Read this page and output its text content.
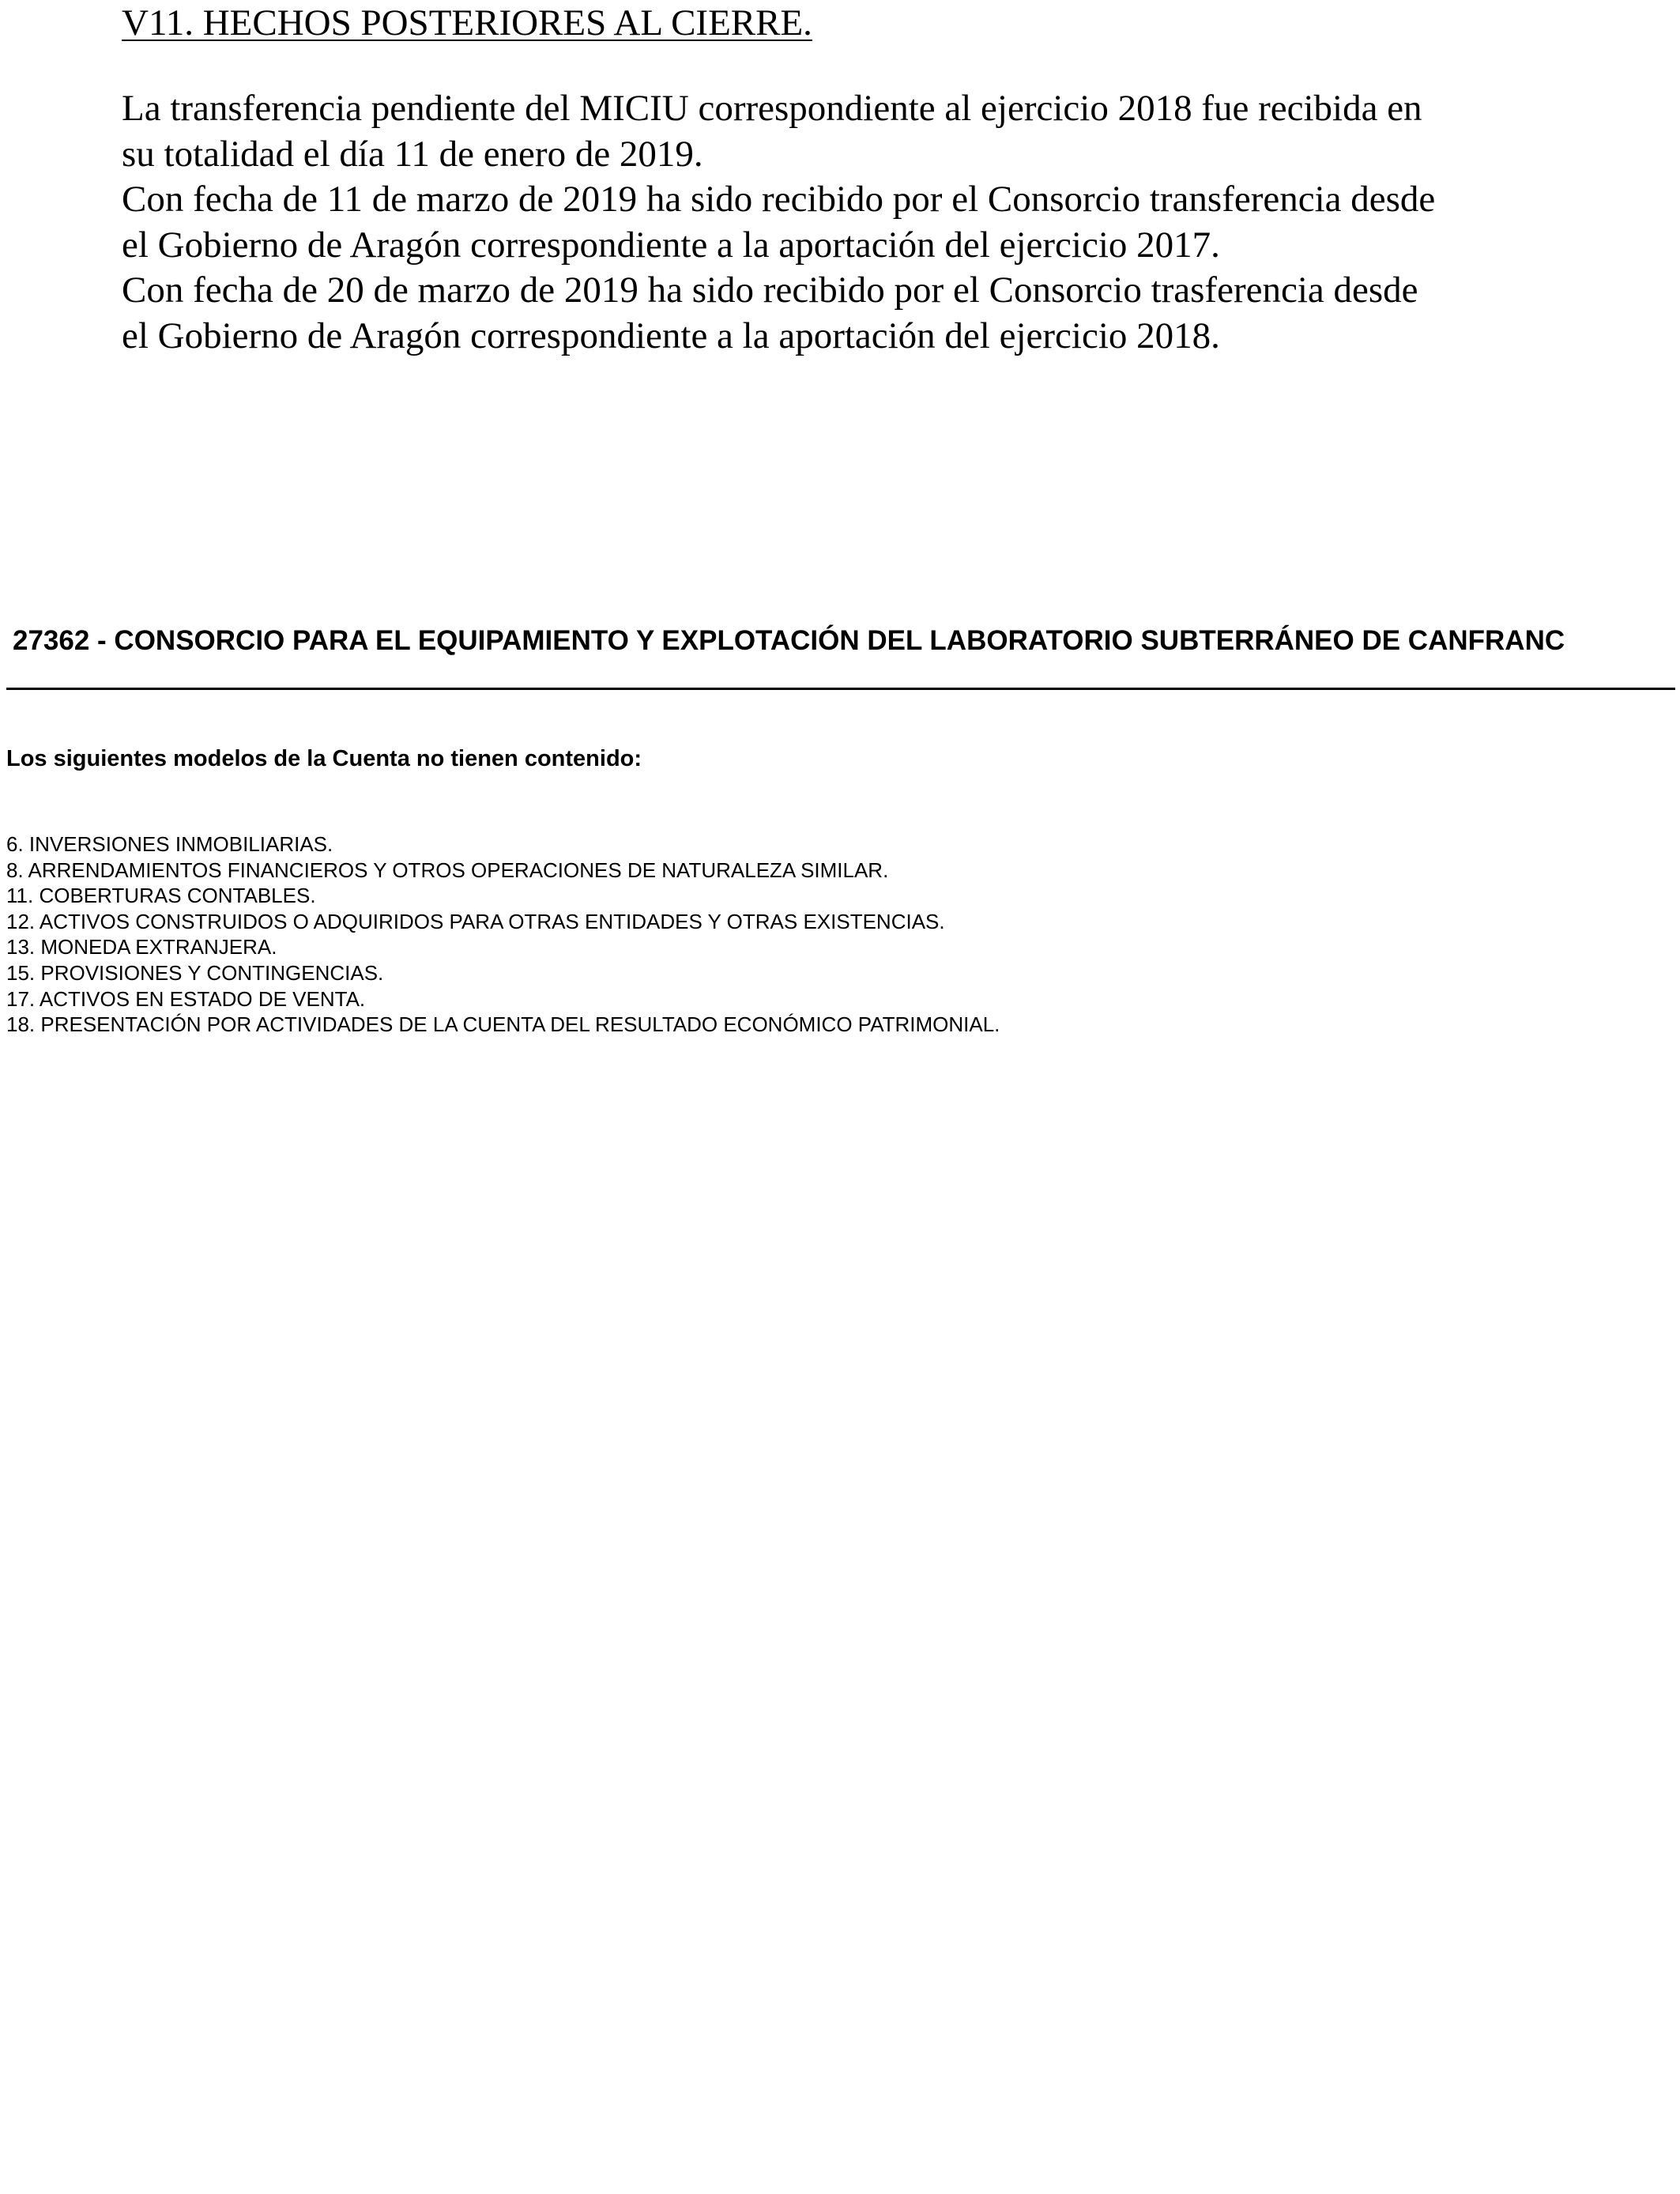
V11. HECHOS POSTERIORES AL CIERRE.
La transferencia pendiente del MICIU correspondiente al ejercicio 2018 fue recibida en
su totalidad el día 11 de enero de 2019.
Con fecha de 11 de marzo de 2019 ha sido recibido por el Consorcio transferencia desde
el Gobierno de Aragón correspondiente a la aportación del ejercicio 2017.
Con fecha de 20 de marzo de 2019 ha sido recibido por el Consorcio trasferencia desde
el Gobierno de Aragón correspondiente a la aportación del ejercicio 2018.
27362 - CONSORCIO PARA EL EQUIPAMIENTO Y EXPLOTACIÓN DEL LABORATORIO SUBTERRÁNEO DE CANFRANC
Los siguientes modelos de la Cuenta no tienen contenido:
6. INVERSIONES INMOBILIARIAS.
8. ARRENDAMIENTOS FINANCIEROS Y OTROS OPERACIONES DE NATURALEZA SIMILAR.
11. COBERTURAS CONTABLES.
12. ACTIVOS CONSTRUIDOS O ADQUIRIDOS PARA OTRAS ENTIDADES Y OTRAS EXISTENCIAS.
13. MONEDA EXTRANJERA.
15. PROVISIONES Y CONTINGENCIAS.
17. ACTIVOS EN ESTADO DE VENTA.
18. PRESENTACIÓN POR ACTIVIDADES DE LA CUENTA DEL RESULTADO ECONÓMICO PATRIMONIAL.
